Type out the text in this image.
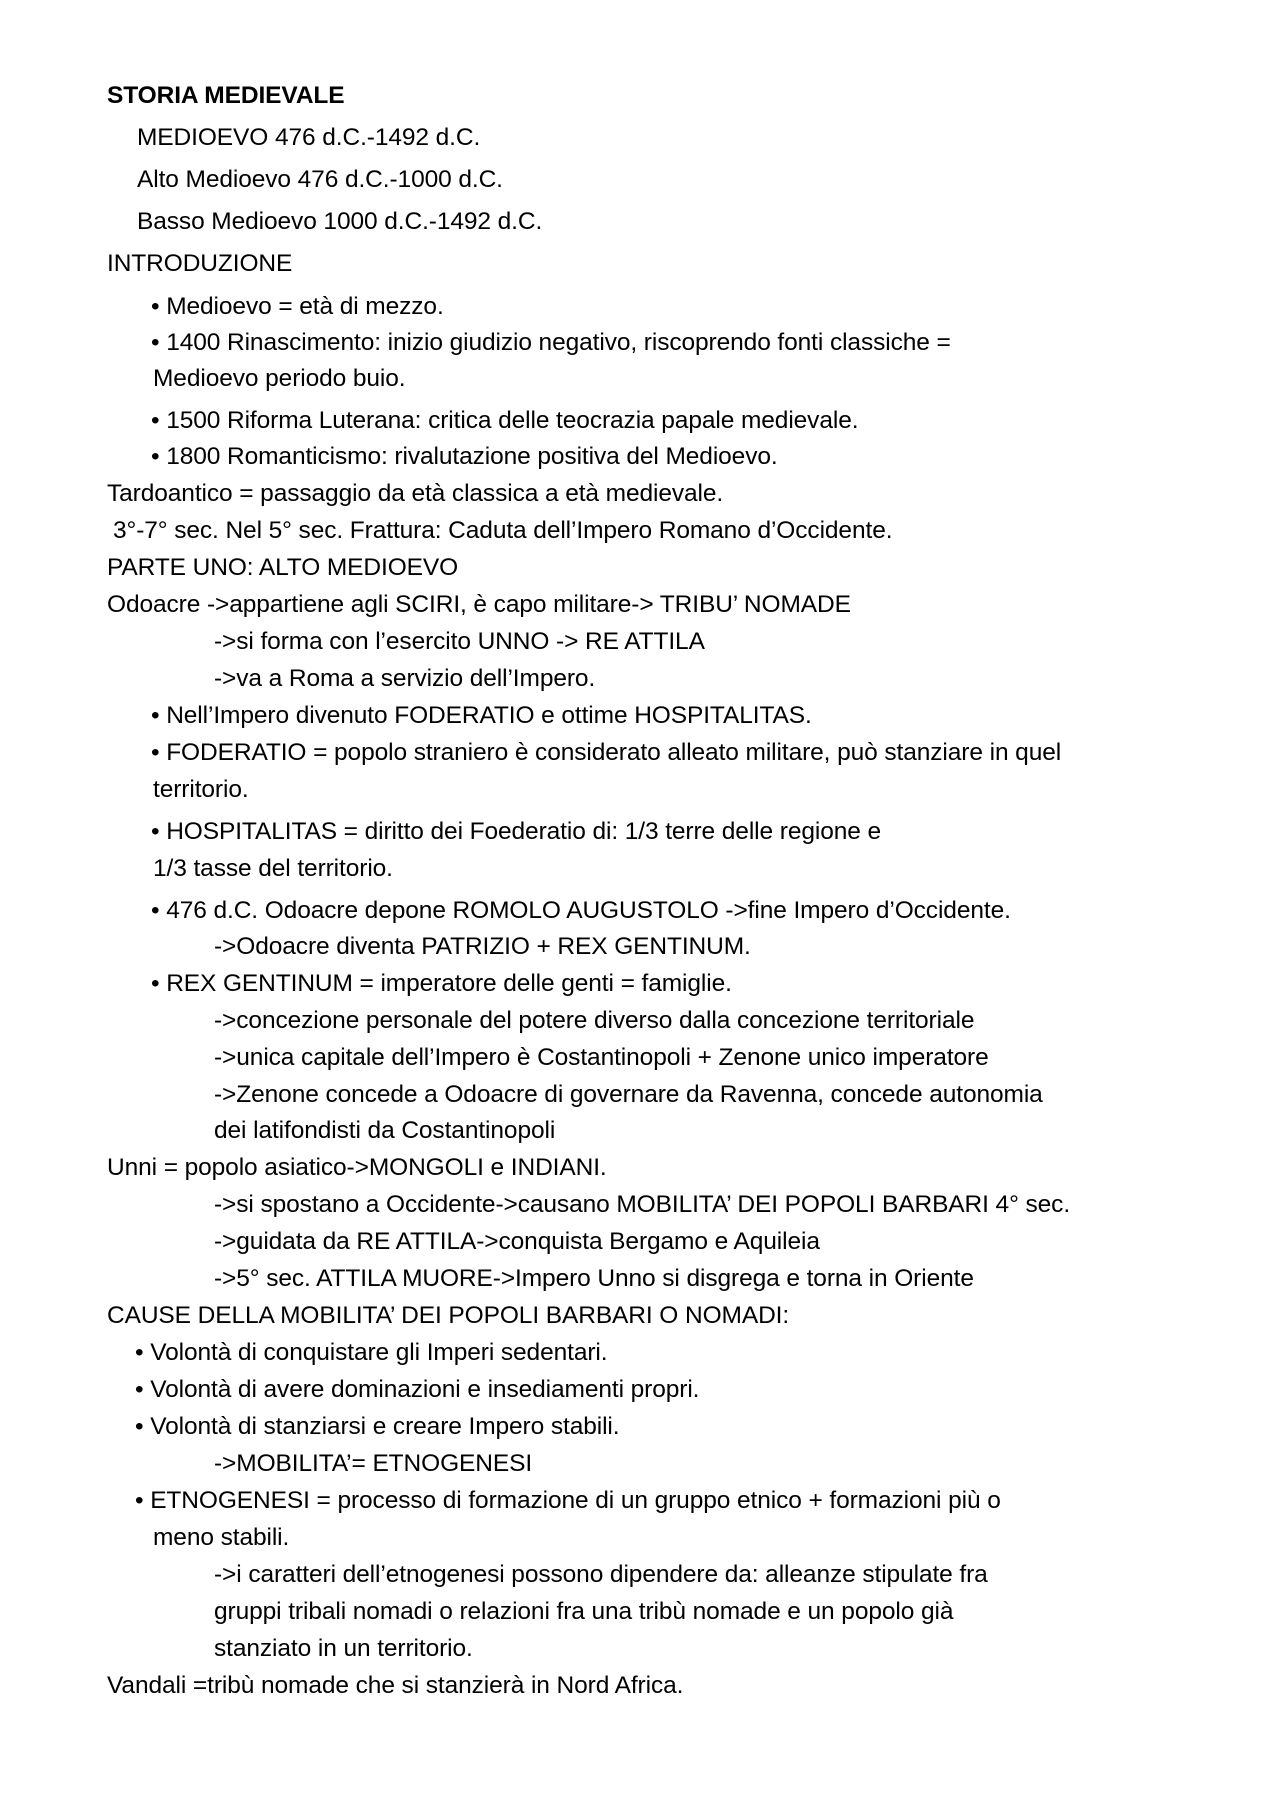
STORIA MEDIEVALE
MEDIOEVO 476 d.C.-1492 d.C.
Alto Medioevo 476 d.C.-1000 d.C.
Basso Medioevo 1000 d.C.-1492 d.C.
INTRODUZIONE
• Medioevo = età di mezzo.
• 1400 Rinascimento: inizio giudizio negativo, riscoprendo fonti classiche =
Medioevo periodo buio.
• 1500 Riforma Luterana: critica delle teocrazia papale medievale.
• 1800 Romanticismo: rivalutazione positiva del Medioevo.
Tardoantico = passaggio da età classica a età medievale.
3°-7° sec. Nel 5° sec. Frattura: Caduta dell’Impero Romano d’Occidente.
PARTE UNO: ALTO MEDIOEVO
Odoacre ->appartiene agli SCIRI, è capo militare-> TRIBU’ NOMADE
->si forma con l’esercito UNNO -> RE ATTILA
->va a Roma a servizio dell’Impero.
• Nell’Impero divenuto FODERATIO e ottime HOSPITALITAS.
• FODERATIO = popolo straniero è considerato alleato militare, può stanziare in quel
territorio.
• HOSPITALITAS = diritto dei Foederatio di: 1/3 terre delle regione e
1/3 tasse del territorio.
• 476 d.C. Odoacre depone ROMOLO AUGUSTOLO ->fine Impero d’Occidente.
->Odoacre diventa PATRIZIO + REX GENTINUM.
• REX GENTINUM = imperatore delle genti = famiglie.
->concezione personale del potere diverso dalla concezione territoriale
->unica capitale dell’Impero è Costantinopoli + Zenone unico imperatore
->Zenone concede a Odoacre di governare da Ravenna, concede autonomia
dei latifondisti da Costantinopoli
Unni = popolo asiatico->MONGOLI e INDIANI.
->si spostano a Occidente->causano MOBILITA’ DEI POPOLI BARBARI 4° sec.
->guidata da RE ATTILA->conquista Bergamo e Aquileia
->5° sec. ATTILA MUORE->Impero Unno si disgrega e torna in Oriente
CAUSE DELLA MOBILITA’ DEI POPOLI BARBARI O NOMADI:
• Volontà di conquistare gli Imperi sedentari.
• Volontà di avere dominazioni e insediamenti propri.
• Volontà di stanziarsi e creare Impero stabili.
->MOBILITA’= ETNOGENESI
• ETNOGENESI = processo di formazione di un gruppo etnico + formazioni più o
meno stabili.
->i caratteri dell’etnogenesi possono dipendere da: alleanze stipulate fra
gruppi tribali nomadi o relazioni fra una tribù nomade e un popolo già
stanziato in un territorio.
Vandali =tribù nomade che si stanzierà in Nord Africa.
